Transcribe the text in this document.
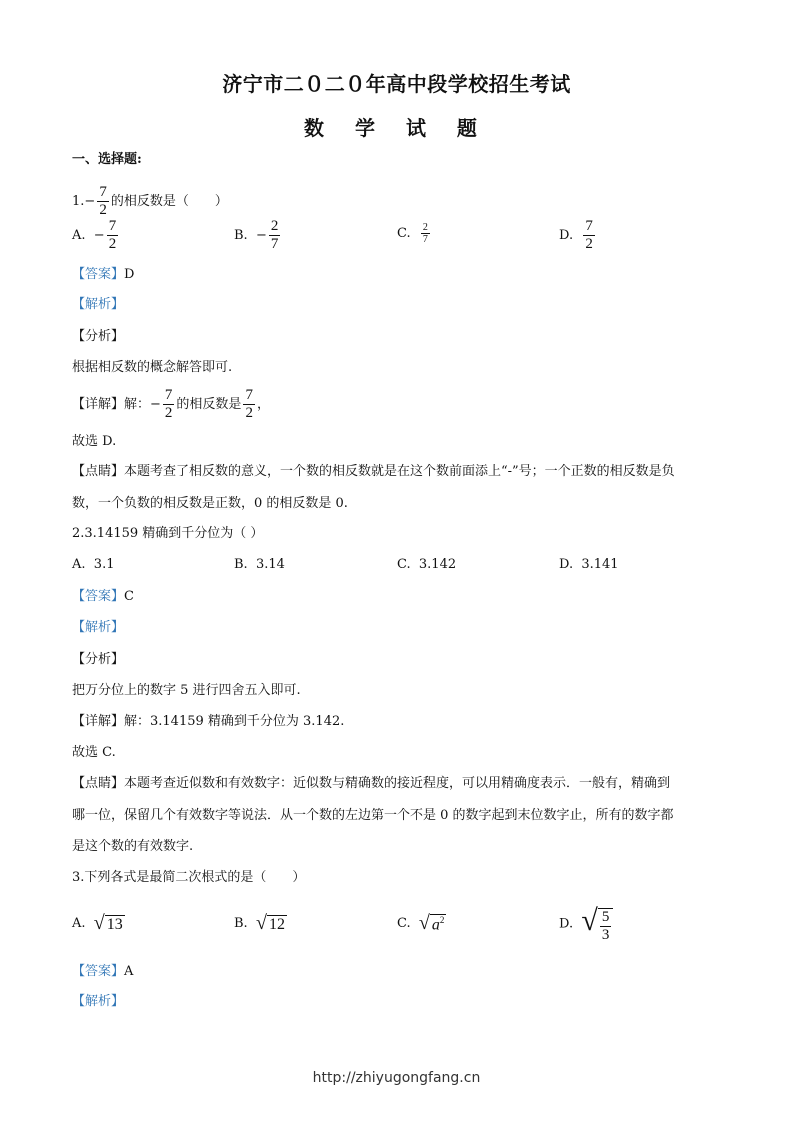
济宁市二０二０年高中段学校招生考试
数 学 试 题
一、选择题:
$1.- \frac{7}{2}$ 的相反数是（　　）
A. − $\frac{7}{2}$	B. − $\frac{2}{7}$	C. $\frac{2}{7}$	D. $\frac{7}{2}$
【答案】D
【解析】
【分析】
根据相反数的概念解答即可.
【详解】解：− $\frac{7}{2}$ 的相反数是 $\frac{7}{2}$ ，
故选 D.
【点睛】本题考查了相反数的意义，一个数的相反数就是在这个数前面添上“-”号；一个正数的相反数是负
数，一个负数的相反数是正数，0 的相反数是 0.
2.3.14159 精确到千分位为（ ）
A. 3.1	B. 3.14	C. 3.142	D. 3.141
【答案】C
【解析】
【分析】
把万分位上的数字 5 进行四舍五入即可.
【详解】解：3.14159 精确到千分位为 3.142.
故选 C.
【点睛】本题考查近似数和有效数字：近似数与精确数的接近程度，可以用精确度表示．一般有，精确到
哪一位，保留几个有效数字等说法．从一个数的左边第一个不是 0 的数字起到末位数字止，所有的数字都
是这个数的有效数字.
3.下列各式是最简二次根式的是（　　）
A. √ 13	B. √ 12	C. √ $a^2$	D. √ $\frac{5}{3}$
【答案】A
【解析】
http://zhiyugongfang.cn
